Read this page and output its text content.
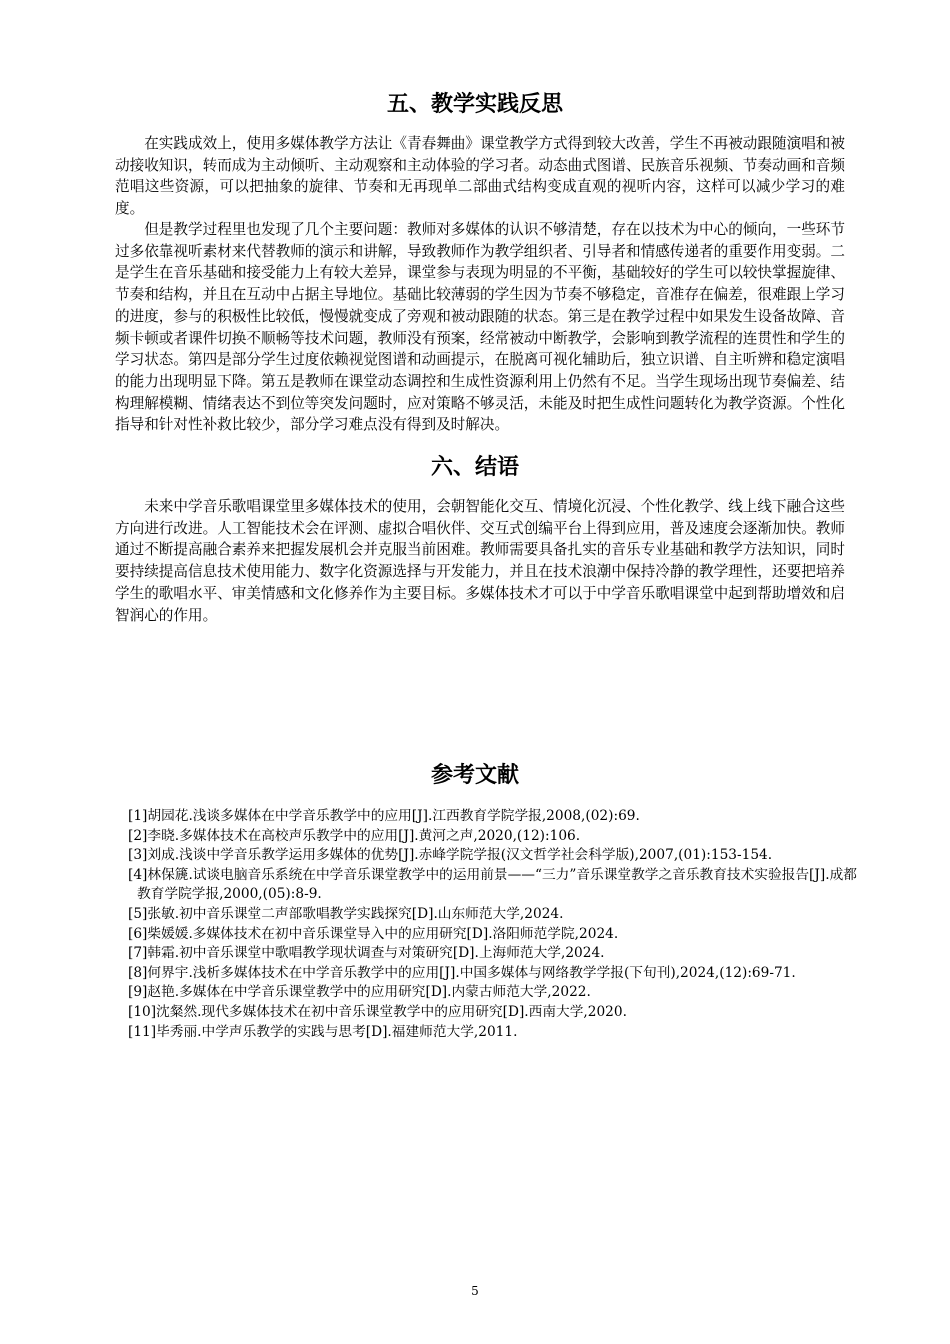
五、教学实践反思

在实践成效上，使用多媒体教学方法让《青春舞曲》课堂教学方式得到较大改善，学生不再被动跟随演唱和被动接收知识，转而成为主动倾听、主动观察和主动体验的学习者。动态曲式图谱、民族音乐视频、节奏动画和音频范唱这些资源，可以把抽象的旋律、节奏和无再现单二部曲式结构变成直观的视听内容，这样可以减少学习的难度。

但是教学过程里也发现了几个主要问题：教师对多媒体的认识不够清楚，存在以技术为中心的倾向，一些环节过多依靠视听素材来代替教师的演示和讲解，导致教师作为教学组织者、引导者和情感传递者的重要作用变弱。二是学生在音乐基础和接受能力上有较大差异，课堂参与表现为明显的不平衡，基础较好的学生可以较快掌握旋律、节奏和结构，并且在互动中占据主导地位。基础比较薄弱的学生因为节奏不够稳定，音准存在偏差，很难跟上学习的进度，参与的积极性比较低，慢慢就变成了旁观和被动跟随的状态。第三是在教学过程中如果发生设备故障、音频卡顿或者课件切换不顺畅等技术问题，教师没有预案，经常被动中断教学，会影响到教学流程的连贯性和学生的学习状态。第四是部分学生过度依赖视觉图谱和动画提示，在脱离可视化辅助后，独立识谱、自主听辨和稳定演唱的能力出现明显下降。第五是教师在课堂动态调控和生成性资源利用上仍然有不足。当学生现场出现节奏偏差、结构理解模糊、情绪表达不到位等突发问题时，应对策略不够灵活，未能及时把生成性问题转化为教学资源。个性化指导和针对性补救比较少，部分学习难点没有得到及时解决。

六、结语

未来中学音乐歌唱课堂里多媒体技术的使用，会朝智能化交互、情境化沉浸、个性化教学、线上线下融合这些方向进行改进。人工智能技术会在评测、虚拟合唱伙伴、交互式创编平台上得到应用，普及速度会逐渐加快。教师通过不断提高融合素养来把握发展机会并克服当前困难。教师需要具备扎实的音乐专业基础和教学方法知识，同时要持续提高信息技术使用能力、数字化资源选择与开发能力，并且在技术浪潮中保持冷静的教学理性，还要把培养学生的歌唱水平、审美情感和文化修养作为主要目标。多媒体技术才可以于中学音乐歌唱课堂中起到帮助增效和启智润心的作用。

参考文献
[1]胡园花.浅谈多媒体在中学音乐教学中的应用[J].江西教育学院学报,2008,(02):69.
[2]李晓.多媒体技术在高校声乐教学中的应用[J].黄河之声,2020,(12):106.
[3]刘成.浅谈中学音乐教学运用多媒体的优势[J].赤峰学院学报(汉文哲学社会科学版),2007,(01):153-154.
[4]林保篪.试谈电脑音乐系统在中学音乐课堂教学中的运用前景——“三力”音乐课堂教学之音乐教育技术实验报告[J].成都教育学院学报,2000,(05):8-9.
[5]张敏.初中音乐课堂二声部歌唱教学实践探究[D].山东师范大学,2024.
[6]柴媛媛.多媒体技术在初中音乐课堂导入中的应用研究[D].洛阳师范学院,2024.
[7]韩霜.初中音乐课堂中歌唱教学现状调查与对策研究[D].上海师范大学,2024.
[8]何界宇.浅析多媒体技术在中学音乐教学中的应用[J].中国多媒体与网络教学学报(下旬刊),2024,(12):69-71.
[9]赵艳.多媒体在中学音乐课堂教学中的应用研究[D].内蒙古师范大学,2022.
[10]沈粲然.现代多媒体技术在初中音乐课堂教学中的应用研究[D].西南大学,2020.
[11]毕秀丽.中学声乐教学的实践与思考[D].福建师范大学,2011.
5
